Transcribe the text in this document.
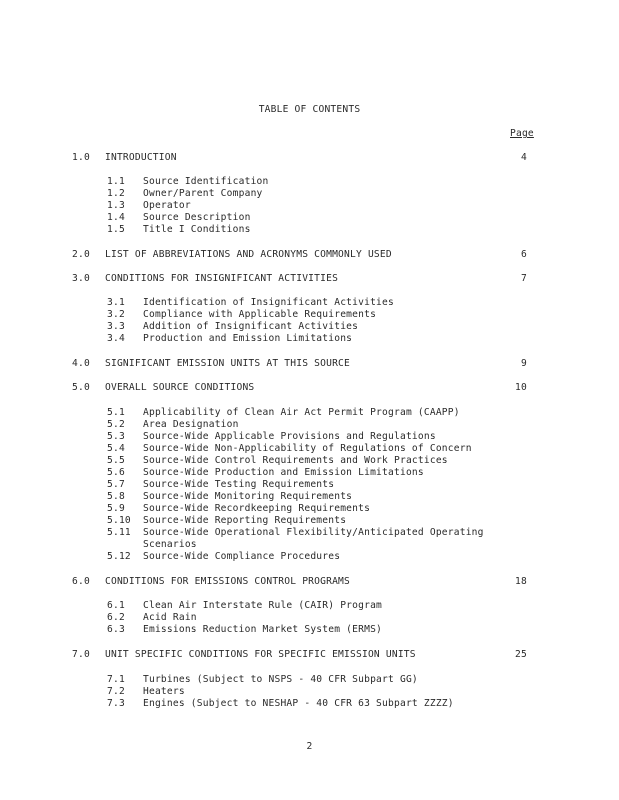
TABLE OF CONTENTS
Page
1.0 INTRODUCTION	4
1.1 Source Identification
1.2 Owner/Parent Company
1.3 Operator
1.4 Source Description
1.5 Title I Conditions
2.0 LIST OF ABBREVIATIONS AND ACRONYMS COMMONLY USED	6
3.0 CONDITIONS FOR INSIGNIFICANT ACTIVITIES	7
3.1 Identification of Insignificant Activities
3.2 Compliance with Applicable Requirements
3.3 Addition of Insignificant Activities
3.4 Production and Emission Limitations
4.0 SIGNIFICANT EMISSION UNITS AT THIS SOURCE	9
5.0 OVERALL SOURCE CONDITIONS	10
5.1 Applicability of Clean Air Act Permit Program (CAAPP)
5.2 Area Designation
5.3 Source-Wide Applicable Provisions and Regulations
5.4 Source-Wide Non-Applicability of Regulations of Concern
5.5 Source-Wide Control Requirements and Work Practices
5.6 Source-Wide Production and Emission Limitations
5.7 Source-Wide Testing Requirements
5.8 Source-Wide Monitoring Requirements
5.9 Source-Wide Recordkeeping Requirements
5.10 Source-Wide Reporting Requirements
5.11 Source-Wide Operational Flexibility/Anticipated Operating
Scenarios
5.12 Source-Wide Compliance Procedures
6.0 CONDITIONS FOR EMISSIONS CONTROL PROGRAMS	18
6.1 Clean Air Interstate Rule (CAIR) Program
6.2 Acid Rain
6.3 Emissions Reduction Market System (ERMS)
7.0 UNIT SPECIFIC CONDITIONS FOR SPECIFIC EMISSION UNITS	25
7.1 Turbines (Subject to NSPS - 40 CFR Subpart GG)
7.2 Heaters
7.3 Engines (Subject to NESHAP - 40 CFR 63 Subpart ZZZZ)
2
